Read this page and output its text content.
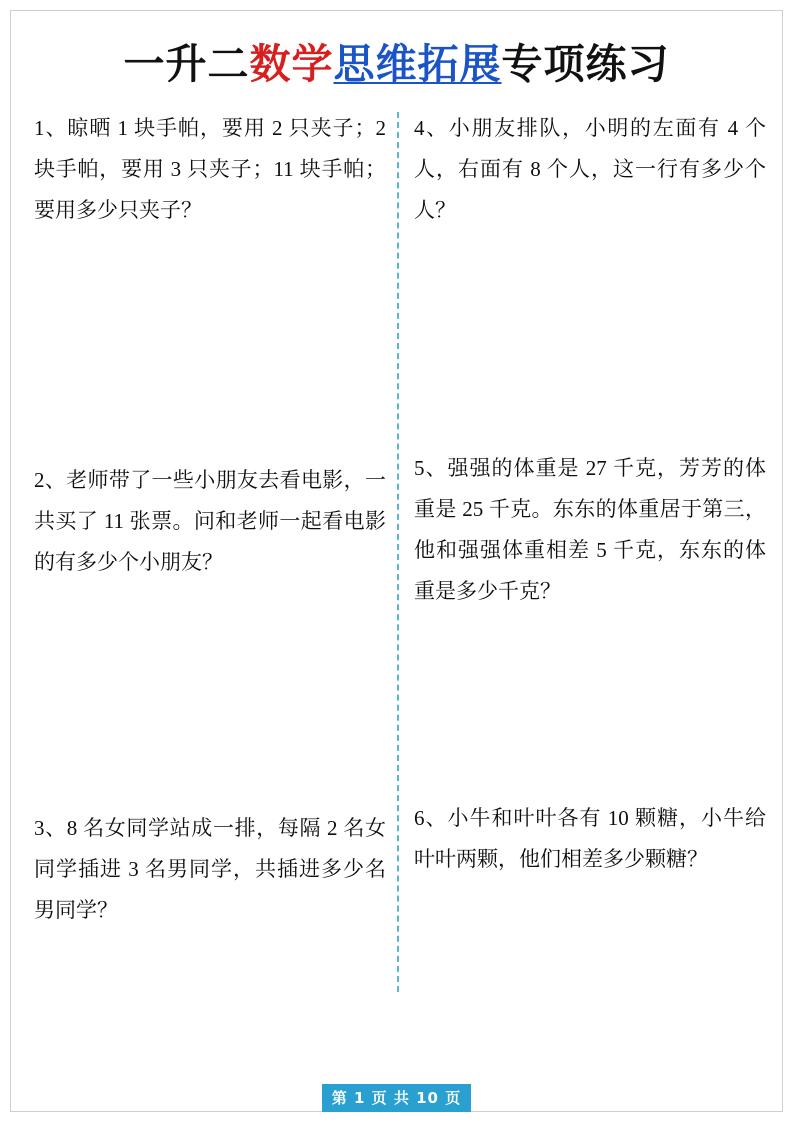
一升二数学思维拓展专项练习
1、晾晒 1 块手帕，要用 2 只夹子；2 块手帕，要用 3 只夹子；11 块手帕；要用多少只夹子？
2、老师带了一些小朋友去看电影，一共买了 11 张票。问和老师一起看电影的有多少个小朋友？
3、8 名女同学站成一排，每隔 2 名女同学插进 3 名男同学，共插进多少名男同学？
4、小朋友排队，小明的左面有 4 个人，右面有 8 个人，这一行有多少个人？
5、强强的体重是 27 千克，芳芳的体重是 25 千克。东东的体重居于第三，他和强强体重相差 5 千克，东东的体重是多少千克？
6、小牛和叶叶各有 10 颗糖，小牛给叶叶两颗，他们相差多少颗糖？
第 1 页 共 10 页
